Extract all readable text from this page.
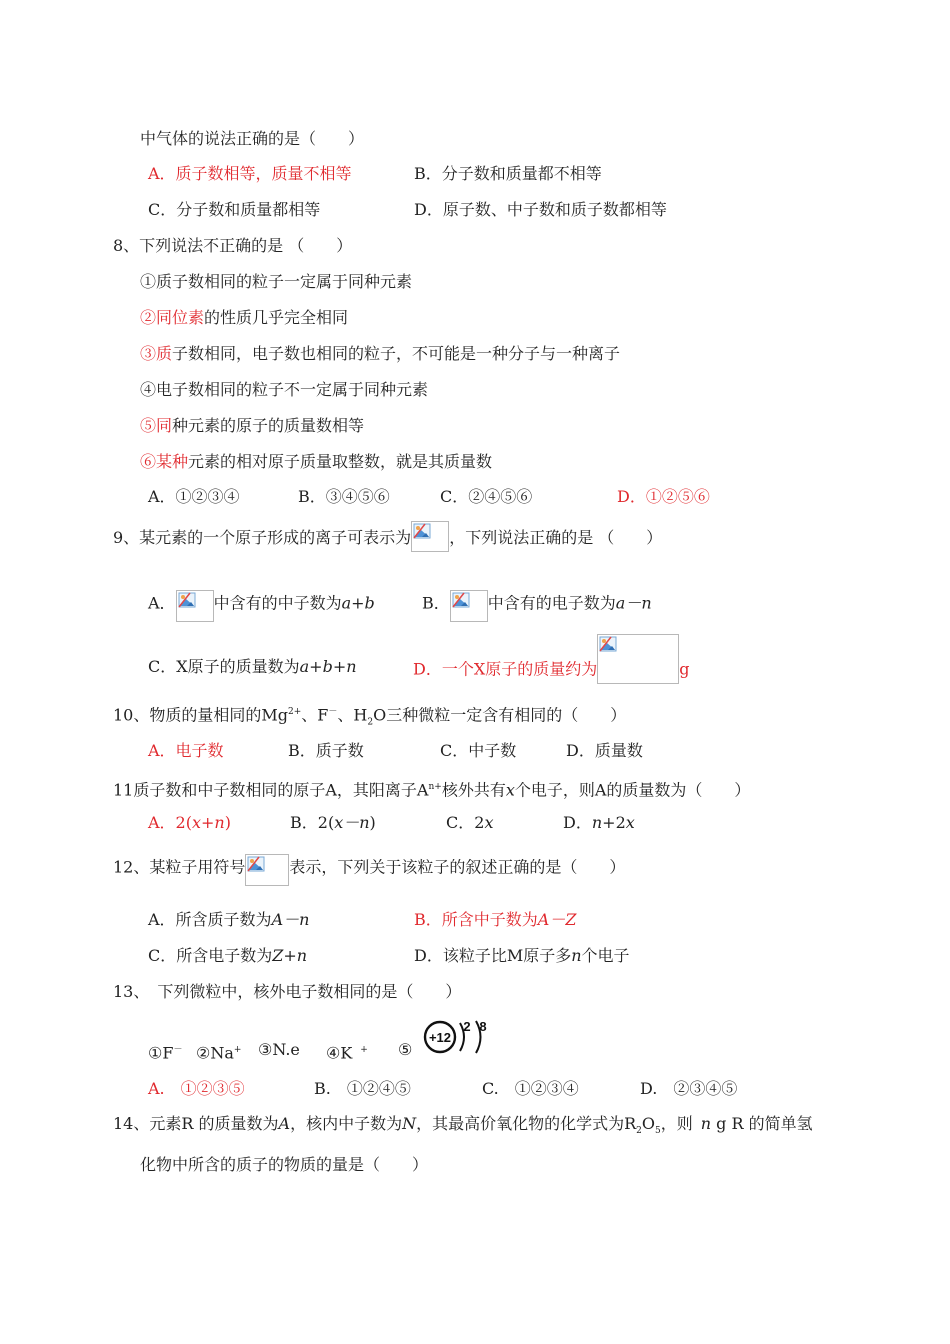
中气体的说法正确的是（　　）
A．质子数相等，质量不相等	B．分子数和质量都不相等
C．分子数和质量都相等	D．原子数、中子数和质子数都相等
8、下列说法不正确的是 （　　）
①质子数相同的粒子一定属于同种元素
②同位素的性质几乎完全相同
③质子数相同，电子数也相同的粒子，不可能是一种分子与一种离子
④电子数相同的粒子不一定属于同种元素
⑤同种元素的原子的质量数相等
⑥某种元素的相对原子质量取整数，就是其质量数
A．①②③④	B．③④⑤⑥	C．②④⑤⑥	D．①②⑤⑥
9、某元素的一个原子形成的离子可表示为 ，下列说法正确的是 （　　）
A． 中含有的中子数为a+b	B． 中含有的电子数为a－n
C．X原子的质量数为a+b+n	D．一个X原子的质量约为	g
10、物质的量相同的$Mg^{2+}$、F－、$H_2O$三种微粒一定含有相同的（　　）
A．电子数	B．质子数	C．中子数	D．质量数
11质子数和中子数相同的原子A，其阳离子$A^{n+}$核外共有x个电子，则A的质量数为（　　）
A．2(x+n)	B．2(x－n)	C．2x	D．n+2x
12、某粒子用符号	表示，下列关于该粒子的叙述正确的是（　　）
A．所含质子数为A－n	B．所含中子数为A－Z
C．所含电子数为Z+n	D．该粒子比M原子多n个电子
13、　下列微粒中，核外电子数相同的是（　　）
①F－ ②Na+ ③N.e ④K + ⑤
+12
2 8
A.　①②③⑤	B.　①②④⑤	C.　①②③④	D.　②③④⑤
14、元素R 的质量数为A，核内中子数为N，其最高价氧化物的化学式为$R_2O_5$，则 n g R 的简单氢
化物中所含的质子的物质的量是（　　）
